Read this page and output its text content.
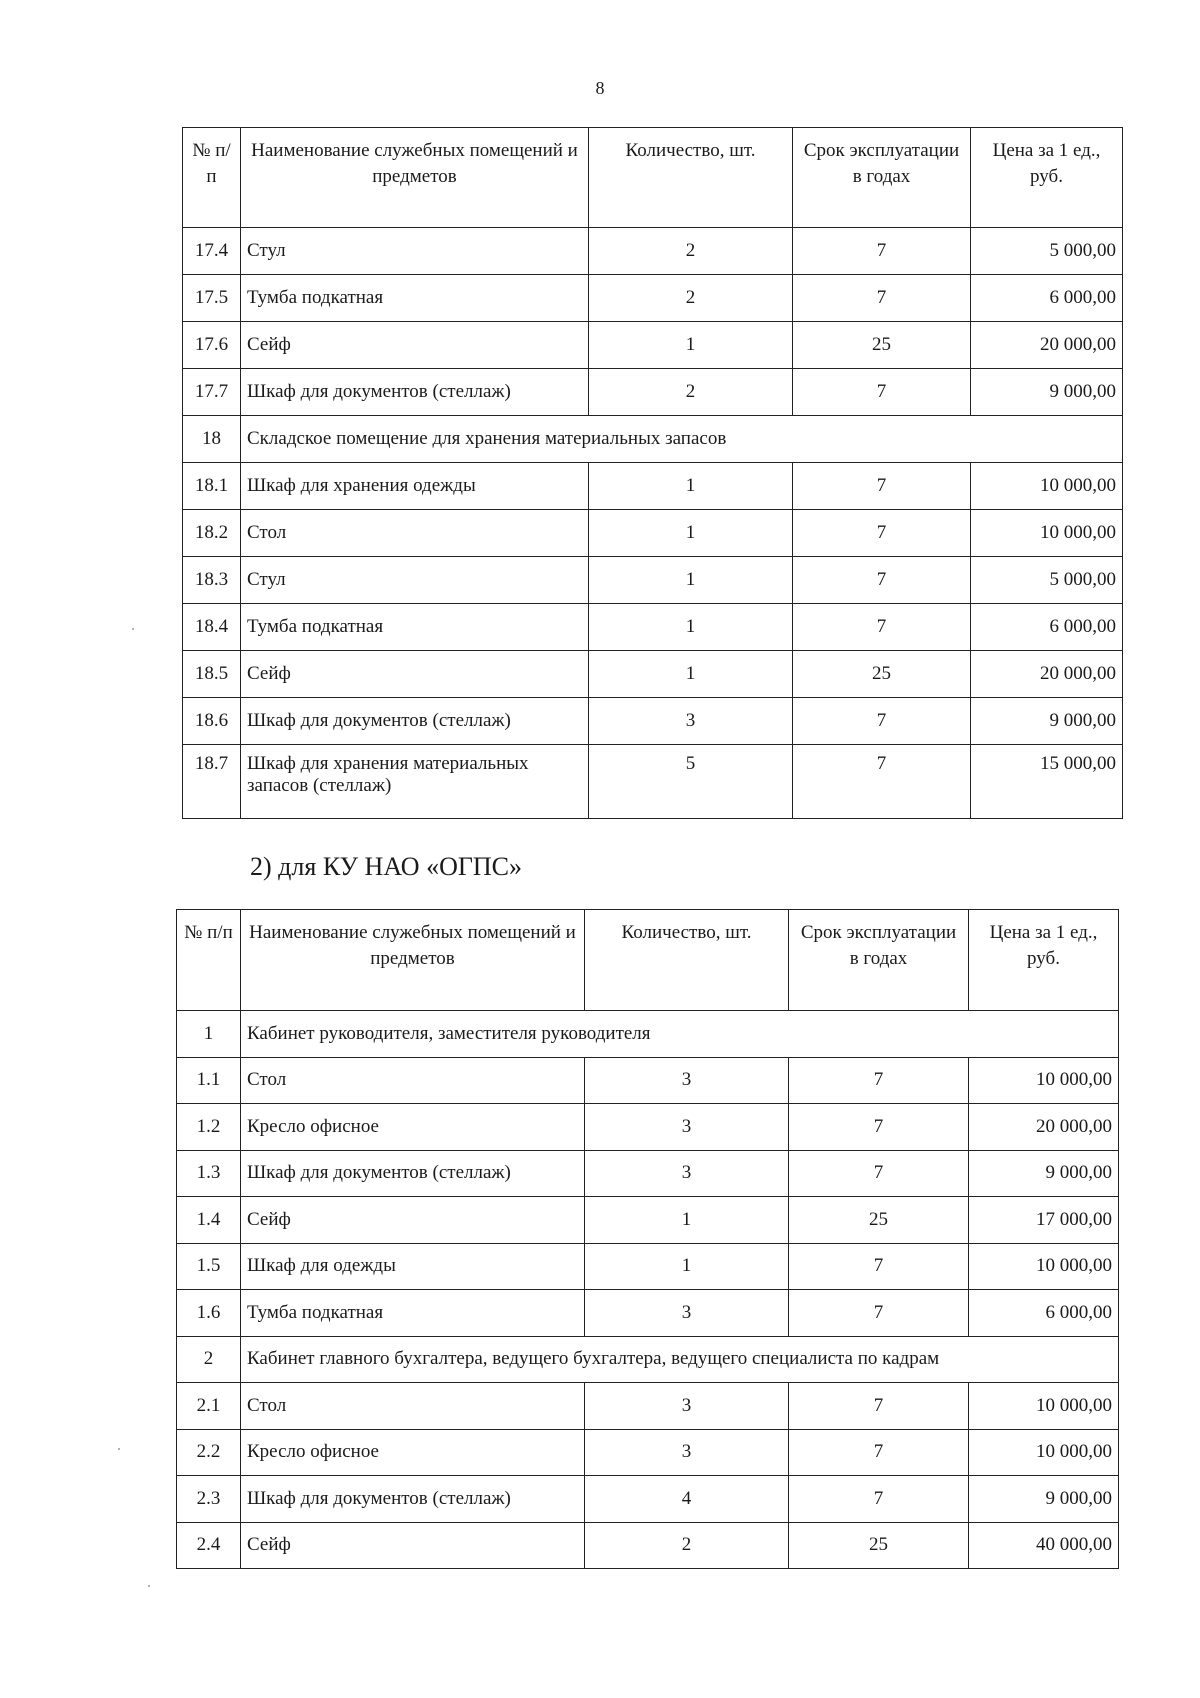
8
№ п/п	Наименование служебных помещений и предметов	Количество, шт.	Срок эксплуатации в годах	Цена за 1 ед., руб.
17.4	Стул	2	7	5 000,00
17.5	Тумба подкатная	2	7	6 000,00
17.6	Сейф	1	25	20 000,00
17.7	Шкаф для документов (стеллаж)	2	7	9 000,00
18	Складское помещение для хранения материальных запасов			
18.1	Шкаф для хранения одежды	1	7	10 000,00
18.2	Стол	1	7	10 000,00
18.3	Стул	1	7	5 000,00
18.4	Тумба подкатная	1	7	6 000,00
18.5	Сейф	1	25	20 000,00
18.6	Шкаф для документов (стеллаж)	3	7	9 000,00
18.7	Шкаф для хранения материальных запасов (стеллаж)	5	7	15 000,00
2) для КУ НАО «ОГПС»
№ п/п	Наименование служебных помещений и предметов	Количество, шт.	Срок эксплуатации в годах	Цена за 1 ед., руб.
1	Кабинет руководителя, заместителя руководителя			
1.1	Стол	3	7	10 000,00
1.2	Кресло офисное	3	7	20 000,00
1.3	Шкаф для документов (стеллаж)	3	7	9 000,00
1.4	Сейф	1	25	17 000,00
1.5	Шкаф для одежды	1	7	10 000,00
1.6	Тумба подкатная	3	7	6 000,00
2	Кабинет главного бухгалтера, ведущего бухгалтера, ведущего специалиста по кадрам			
2.1	Стол	3	7	10 000,00
2.2	Кресло офисное	3	7	10 000,00
2.3	Шкаф для документов (стеллаж)	4	7	9 000,00
2.4	Сейф	2	25	40 000,00
